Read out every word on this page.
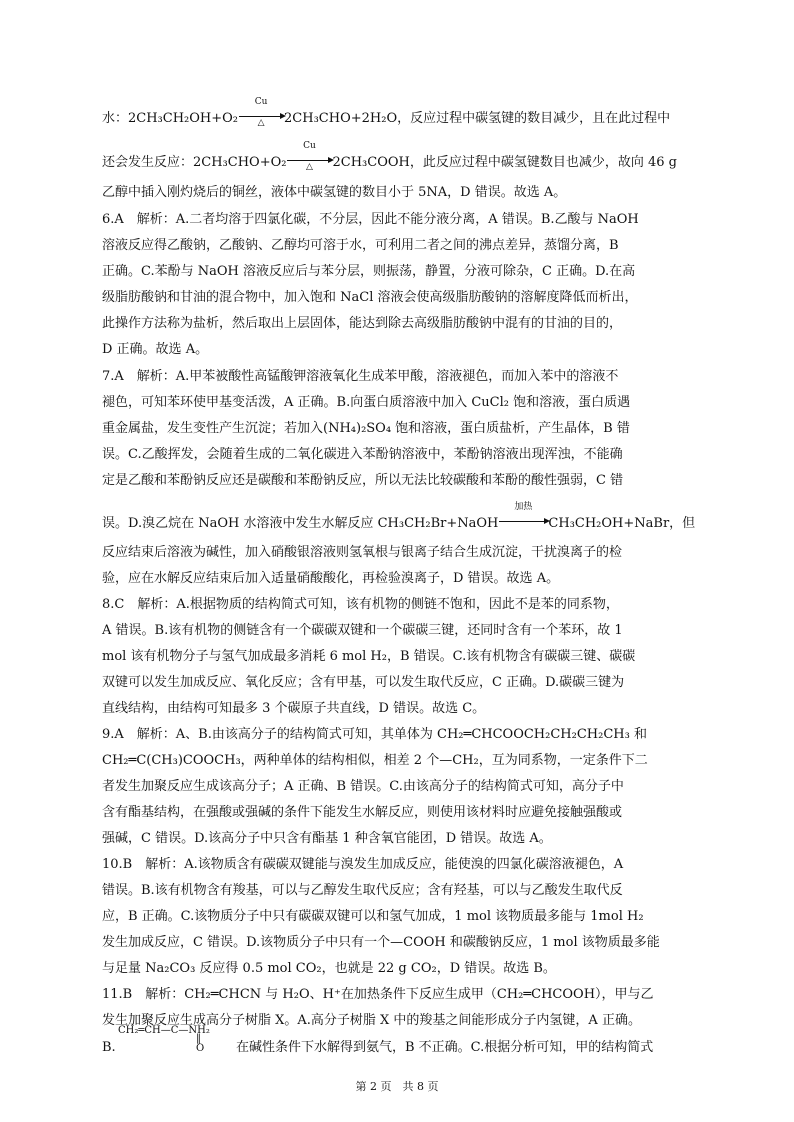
水：2CH₃CH₂OH+O₂
Cu
△	2CH₃CHO+2H₂O，反应过程中碳氢键的数目减少，且在此过程中
还会发生反应：2CH₃CHO+O₂
Cu
△	2CH₃COOH，此反应过程中碳氢键数目也减少，故向 46 g
乙醇中插入刚灼烧后的铜丝，液体中碳氢键的数目小于 5NA，D 错误。故选 A。
6.A　解析：A.二者均溶于四氯化碳，不分层，因此不能分液分离，A 错误。B.乙酸与 NaOH
溶液反应得乙酸钠，乙酸钠、乙醇均可溶于水，可利用二者之间的沸点差异，蒸馏分离，B
正确。C.苯酚与 NaOH 溶液反应后与苯分层，则振荡，静置，分液可除杂，C 正确。D.在高
级脂肪酸钠和甘油的混合物中，加入饱和 NaCl 溶液会使高级脂肪酸钠的溶解度降低而析出，
此操作方法称为盐析，然后取出上层固体，能达到除去高级脂肪酸钠中混有的甘油的目的，
D 正确。故选 A。
7.A　解析：A.甲苯被酸性高锰酸钾溶液氧化生成苯甲酸，溶液褪色，而加入苯中的溶液不
褪色，可知苯环使甲基变活泼，A 正确。B.向蛋白质溶液中加入 CuCl₂ 饱和溶液，蛋白质遇
重金属盐，发生变性产生沉淀；若加入(NH₄)₂SO₄ 饱和溶液，蛋白质盐析，产生晶体，B 错
误。C.乙酸挥发，会随着生成的二氧化碳进入苯酚钠溶液中，苯酚钠溶液出现浑浊，不能确
定是乙酸和苯酚钠反应还是碳酸和苯酚钠反应，所以无法比较碳酸和苯酚的酸性强弱，C 错
误。D.溴乙烷在 NaOH 水溶液中发生水解反应 CH₃CH₂Br+NaOH
加热
CH₃CH₂OH+NaBr，但
反应结束后溶液为碱性，加入硝酸银溶液则氢氧根与银离子结合生成沉淀，干扰溴离子的检
验，应在水解反应结束后加入适量硝酸酸化，再检验溴离子，D 错误。故选 A。
8.C　解析：A.根据物质的结构简式可知，该有机物的侧链不饱和，因此不是苯的同系物，
A 错误。B.该有机物的侧链含有一个碳碳双键和一个碳碳三键，还同时含有一个苯环，故 1
mol 该有机物分子与氢气加成最多消耗 6 mol H₂，B 错误。C.该有机物含有碳碳三键、碳碳
双键可以发生加成反应、氧化反应；含有甲基，可以发生取代反应，C 正确。D.碳碳三键为
直线结构，由结构可知最多 3 个碳原子共直线，D 错误。故选 C。
9.A　解析：A、B.由该高分子的结构简式可知，其单体为 CH₂═CHCOOCH₂CH₂CH₂CH₃ 和
CH₂═C(CH₃)COOCH₃，两种单体的结构相似，相差 2 个—CH₂，互为同系物，一定条件下二
者发生加聚反应生成该高分子；A 正确、B 错误。C.由该高分子的结构简式可知，高分子中
含有酯基结构，在强酸或强碱的条件下能发生水解反应，则使用该材料时应避免接触强酸或
强碱，C 错误。D.该高分子中只含有酯基 1 种含氧官能团，D 错误。故选 A。
10.B　解析：A.该物质含有碳碳双键能与溴发生加成反应，能使溴的四氯化碳溶液褪色，A
错误。B.该有机物含有羧基，可以与乙醇发生取代反应；含有羟基，可以与乙酸发生取代反
应，B 正确。C.该物质分子中只有碳碳双键可以和氢气加成，1 mol 该物质最多能与 1mol H₂
发生加成反应，C 错误。D.该物质分子中只有一个—COOH 和碳酸钠反应，1 mol 该物质最多能
与足量 Na₂CO₃ 反应得 0.5 mol CO₂，也就是 22 g CO₂，D 错误。故选 B。
11.B　解析：CH₂═CHCN 与 H₂O、H⁺在加热条件下反应生成甲（CH₂═CHCOOH），甲与乙
发生加聚反应生成高分子树脂 X。A.高分子树脂 X 中的羧基之间能形成分子内氢键，A 正确。
CH₂═CH—C—NH₂
‖
O
B.	在碱性条件下水解得到氨气，B 不正确。C.根据分析可知，甲的结构简式
第 2 页　共 8 页
